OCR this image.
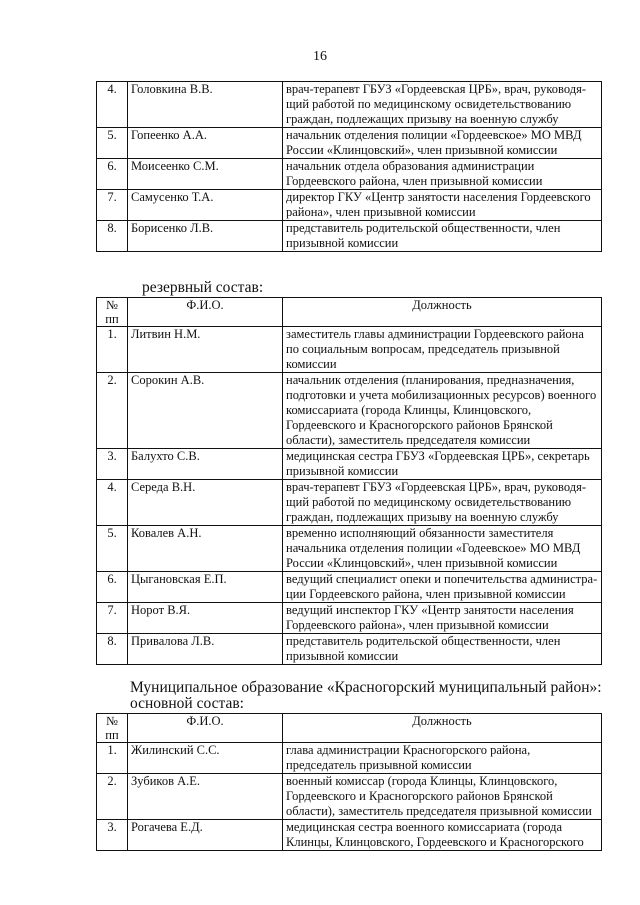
16
4 .	Головкина В.В.	врач-терапевт ГБУЗ «Гордеевская ЦРБ», врач, руководя-щий работой по медицинскому освидетельствованию граждан, подлежащих призыву на военную службу
5 .	Гопеенко А.А.	начальник отделения полиции «Гордеевское» МО МВД России «Клинцовский», член призывной комиссии
6 .	Моисеенко С.М.	начальник отдела образования администрации Гордеевского района, член призывной комиссии
7 .	Самусенко Т.А.	директор ГКУ «Центр занятости населения Гордеевского района», член призывной комиссии
8 .	Борисенко Л.В.	представитель родительской общественности, член призывной комиссии
резервный состав:
№ пп	Ф.И.О.	Должность
1 .	Литвин Н.М.	заместитель главы администрации Гордеевского района по социальным вопросам, председатель призывной комиссии
2 .	Сорокин А.В.	начальник отделения (планирования, предназначения, подготовки и учета мобилизационных ресурсов) военного комиссариата (города Клинцы, Клинцовского, Гордеевского и Красногорского районов Брянской области), заместитель председателя комиссии
3 .	Балухто С.В.	медицинская сестра ГБУЗ «Гордеевская ЦРБ», секретарь призывной комиссии
4 .	Середа В.Н.	врач-терапевт ГБУЗ «Гордеевская ЦРБ», врач, руководя-щий работой по медицинскому освидетельствованию граждан, подлежащих призыву на военную службу
5 .	Ковалев А.Н.	временно исполняющий обязанности заместителя начальника отделения полиции «Годеевское» МО МВД России «Клинцовский», член призывной комиссии
6 .	Цыгановская Е.П.	ведущий специалист опеки и попечительства администра-ции Гордеевского района, член призывной комиссии
7 .	Норот В.Я.	ведущий инспектор ГКУ «Центр занятости населения Гордеевского района», член призывной комиссии
8 .	Привалова Л.В.	представитель родительской общественности, член призывной комиссии
Муниципальное образование «Красногорский муниципальный район»:
основной состав:
№ пп	Ф.И.О.	Должность
1 .	Жилинский С.С.	глава администрации Красногорского района, председатель призывной комиссии
2 .	Зубиков А.Е.	военный комиссар (города Клинцы, Клинцовского, Гордеевского и Красногорского районов Брянской области), заместитель председателя призывной комиссии
3 .	Рогачева Е.Д.	медицинская сестра военного комиссариата (города Клинцы, Клинцовского, Гордеевского и Красногорского
